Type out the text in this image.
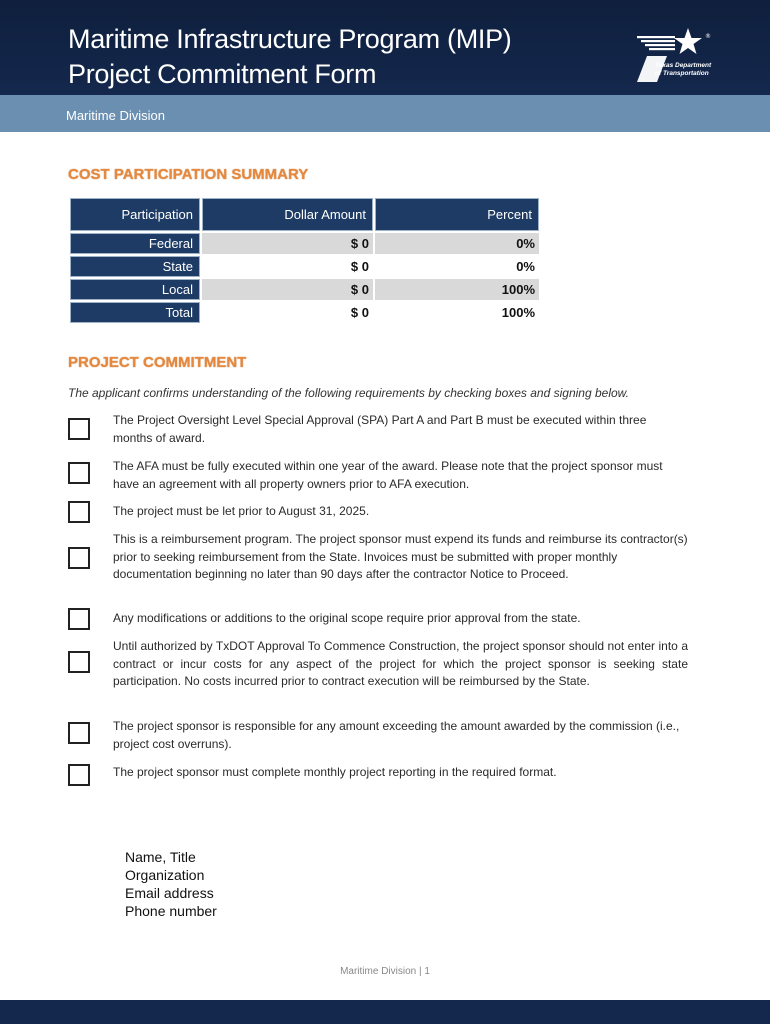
Maritime Infrastructure Program (MIP)
Project Commitment Form
®
Texas Department of Transportation
Maritime Division
COST PARTICIPATION SUMMARY
Participation	Dollar Amount	Percent
Federal	$ 0	0%
State	$ 0	0%
Local	$ 0	100%
Total	$ 0	100%
PROJECT COMMITMENT
The applicant confirms understanding of the following requirements by checking boxes and signing below.
The Project Oversight Level Special Approval (SPA) Part A and Part B must be executed within three months of award.
The AFA must be fully executed within one year of the award. Please note that the project sponsor must have an agreement with all property owners prior to AFA execution.
The project must be let prior to August 31, 2025.
This is a reimbursement program. The project sponsor must expend its funds and reimburse its contractor(s) prior to seeking reimbursement from the State. Invoices must be submitted with proper monthly documentation beginning no later than 90 days after the contractor Notice to Proceed.
Any modifications or additions to the original scope require prior approval from the state.
Until authorized by TxDOT Approval To Commence Construction, the project sponsor should not enter into a contract or incur costs for any aspect of the project for which the project sponsor is seeking state participation. No costs incurred prior to contract execution will be reimbursed by the State.
The project sponsor is responsible for any amount exceeding the amount awarded by the commission (i.e., project cost overruns).
The project sponsor must complete monthly project reporting in the required format.
Name, Title
Organization
Email address
Phone number
Maritime Division | 1
